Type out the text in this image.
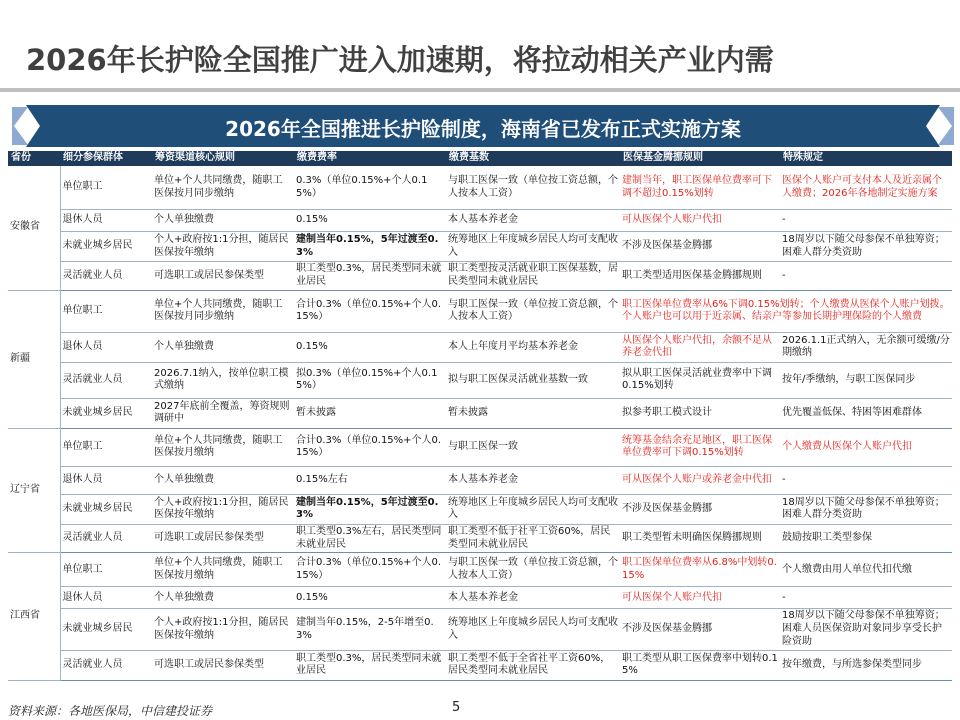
2026年长护险全国推广进入加速期，将拉动相关产业内需
2026年全国推进长护险制度，海南省已发布正式实施方案
省份	细分参保群体	筹资渠道核心规则	缴费费率	缴费基数	医保基金腾挪规则	特殊规定
安徽省	单位职工	单位+个人共同缴费，随职工医保按月同步缴纳	0.3%（单位0.15%+个人0.15%）	与职工医保一致（单位按工资总额，个人按本人工资）	建制当年，职工医保单位费率可下调不超过0.15%划转	医保个人账户可支付本人及近亲属个人缴费；2026年各地制定实施方案
	退休人员	个人单独缴费	0.15%	本人基本养老金	可从医保个人账户代扣	-
	未就业城乡居民	个人+政府按1:1分担，随居民医保按年缴纳	建制当年0.15%，5年过渡至0.3%	统筹地区上年度城乡居民人均可支配收入	不涉及医保基金腾挪	18周岁以下随父母参保不单独筹资；困难人群分类资助
	灵活就业人员	可选职工或居民参保类型	职工类型0.3%，居民类型同未就业居民	职工类型按灵活就业职工医保基数，居民类型同未就业居民	职工类型适用医保基金腾挪规则	-
新疆	单位职工	单位+个人共同缴费，随职工医保按月同步缴纳	合计0.3%（单位0.15%+个人0.15%）	与职工医保一致（单位按工资总额，个人按本人工资）	职工医保单位费率从6%下调0.15%划转；个人缴费从医保个人账户划拨。个人账户也可以用于近亲属、结亲户等参加长期护理保险的个人缴费	
	退休人员	个人单独缴费	0.15%	本人上年度月平均基本养老金	从医保个人账户代扣，余额不足从养老金代扣	2026.1.1正式纳入，无余额可缓缴/分期缴纳
	灵活就业人员	2026.7.1纳入，按单位职工模式缴纳	拟0.3%（单位0.15%+个人0.15%）	拟与职工医保灵活就业基数一致	拟从职工医保灵活就业费率中下调0.15%划转	按年/季缴纳，与职工医保同步
	未就业城乡居民	2027年底前全覆盖，筹资规则调研中	暂未披露	暂未披露	拟参考职工模式设计	优先覆盖低保、特困等困难群体
辽宁省	单位职工	单位+个人共同缴费，随职工医保按月缴纳	合计0.3%（单位0.15%+个人0.15%）	与职工医保一致	统筹基金结余充足地区，职工医保单位费率可下调0.15%划转	个人缴费从医保个人账户代扣
	退休人员	个人单独缴费	0.15%左右	本人基本养老金	可从医保个人账户或养老金中代扣	-
	未就业城乡居民	个人+政府按1:1分担，随居民医保按年缴纳	建制当年0.15%，5年过渡至0.3%	统筹地区上年度城乡居民人均可支配收入	不涉及医保基金腾挪	18周岁以下随父母参保不单独筹资；困难人群分类资助
	灵活就业人员	可选职工或居民参保类型	职工类型0.3%左右，居民类型同未就业居民	职工类型不低于社平工资60%，居民类型同未就业居民	职工类型暂未明确医保腾挪规则	鼓励按职工类型参保
江西省	单位职工	单位+个人共同缴费，随职工医保按月缴纳	合计0.3%（单位0.15%+个人0.15%）	与职工医保一致（单位按工资总额，个人按本人工资）	职工医保单位费率从6.8%中划转0.15%	个人缴费由用人单位代扣代缴
	退休人员	个人单独缴费	0.15%	本人基本养老金	可从医保个人账户代扣	-
	未就业城乡居民	个人+政府按1:1分担，随居民医保按年缴纳	建制当年0.15%，2-5年增至0.3%	统筹地区上年度城乡居民人均可支配收入	不涉及医保基金腾挪	18周岁以下随父母参保不单独筹资；困难人员医保资助对象同步享受长护险资助
	灵活就业人员	可选职工或居民参保类型	职工类型0.3%，居民类型同未就业居民	职工类型不低于全省社平工资60%，居民类型同未就业居民	职工类型从职工医保费率中划转0.15%	按年缴费，与所选参保类型同步
资料来源：各地医保局，中信建投证券	5
